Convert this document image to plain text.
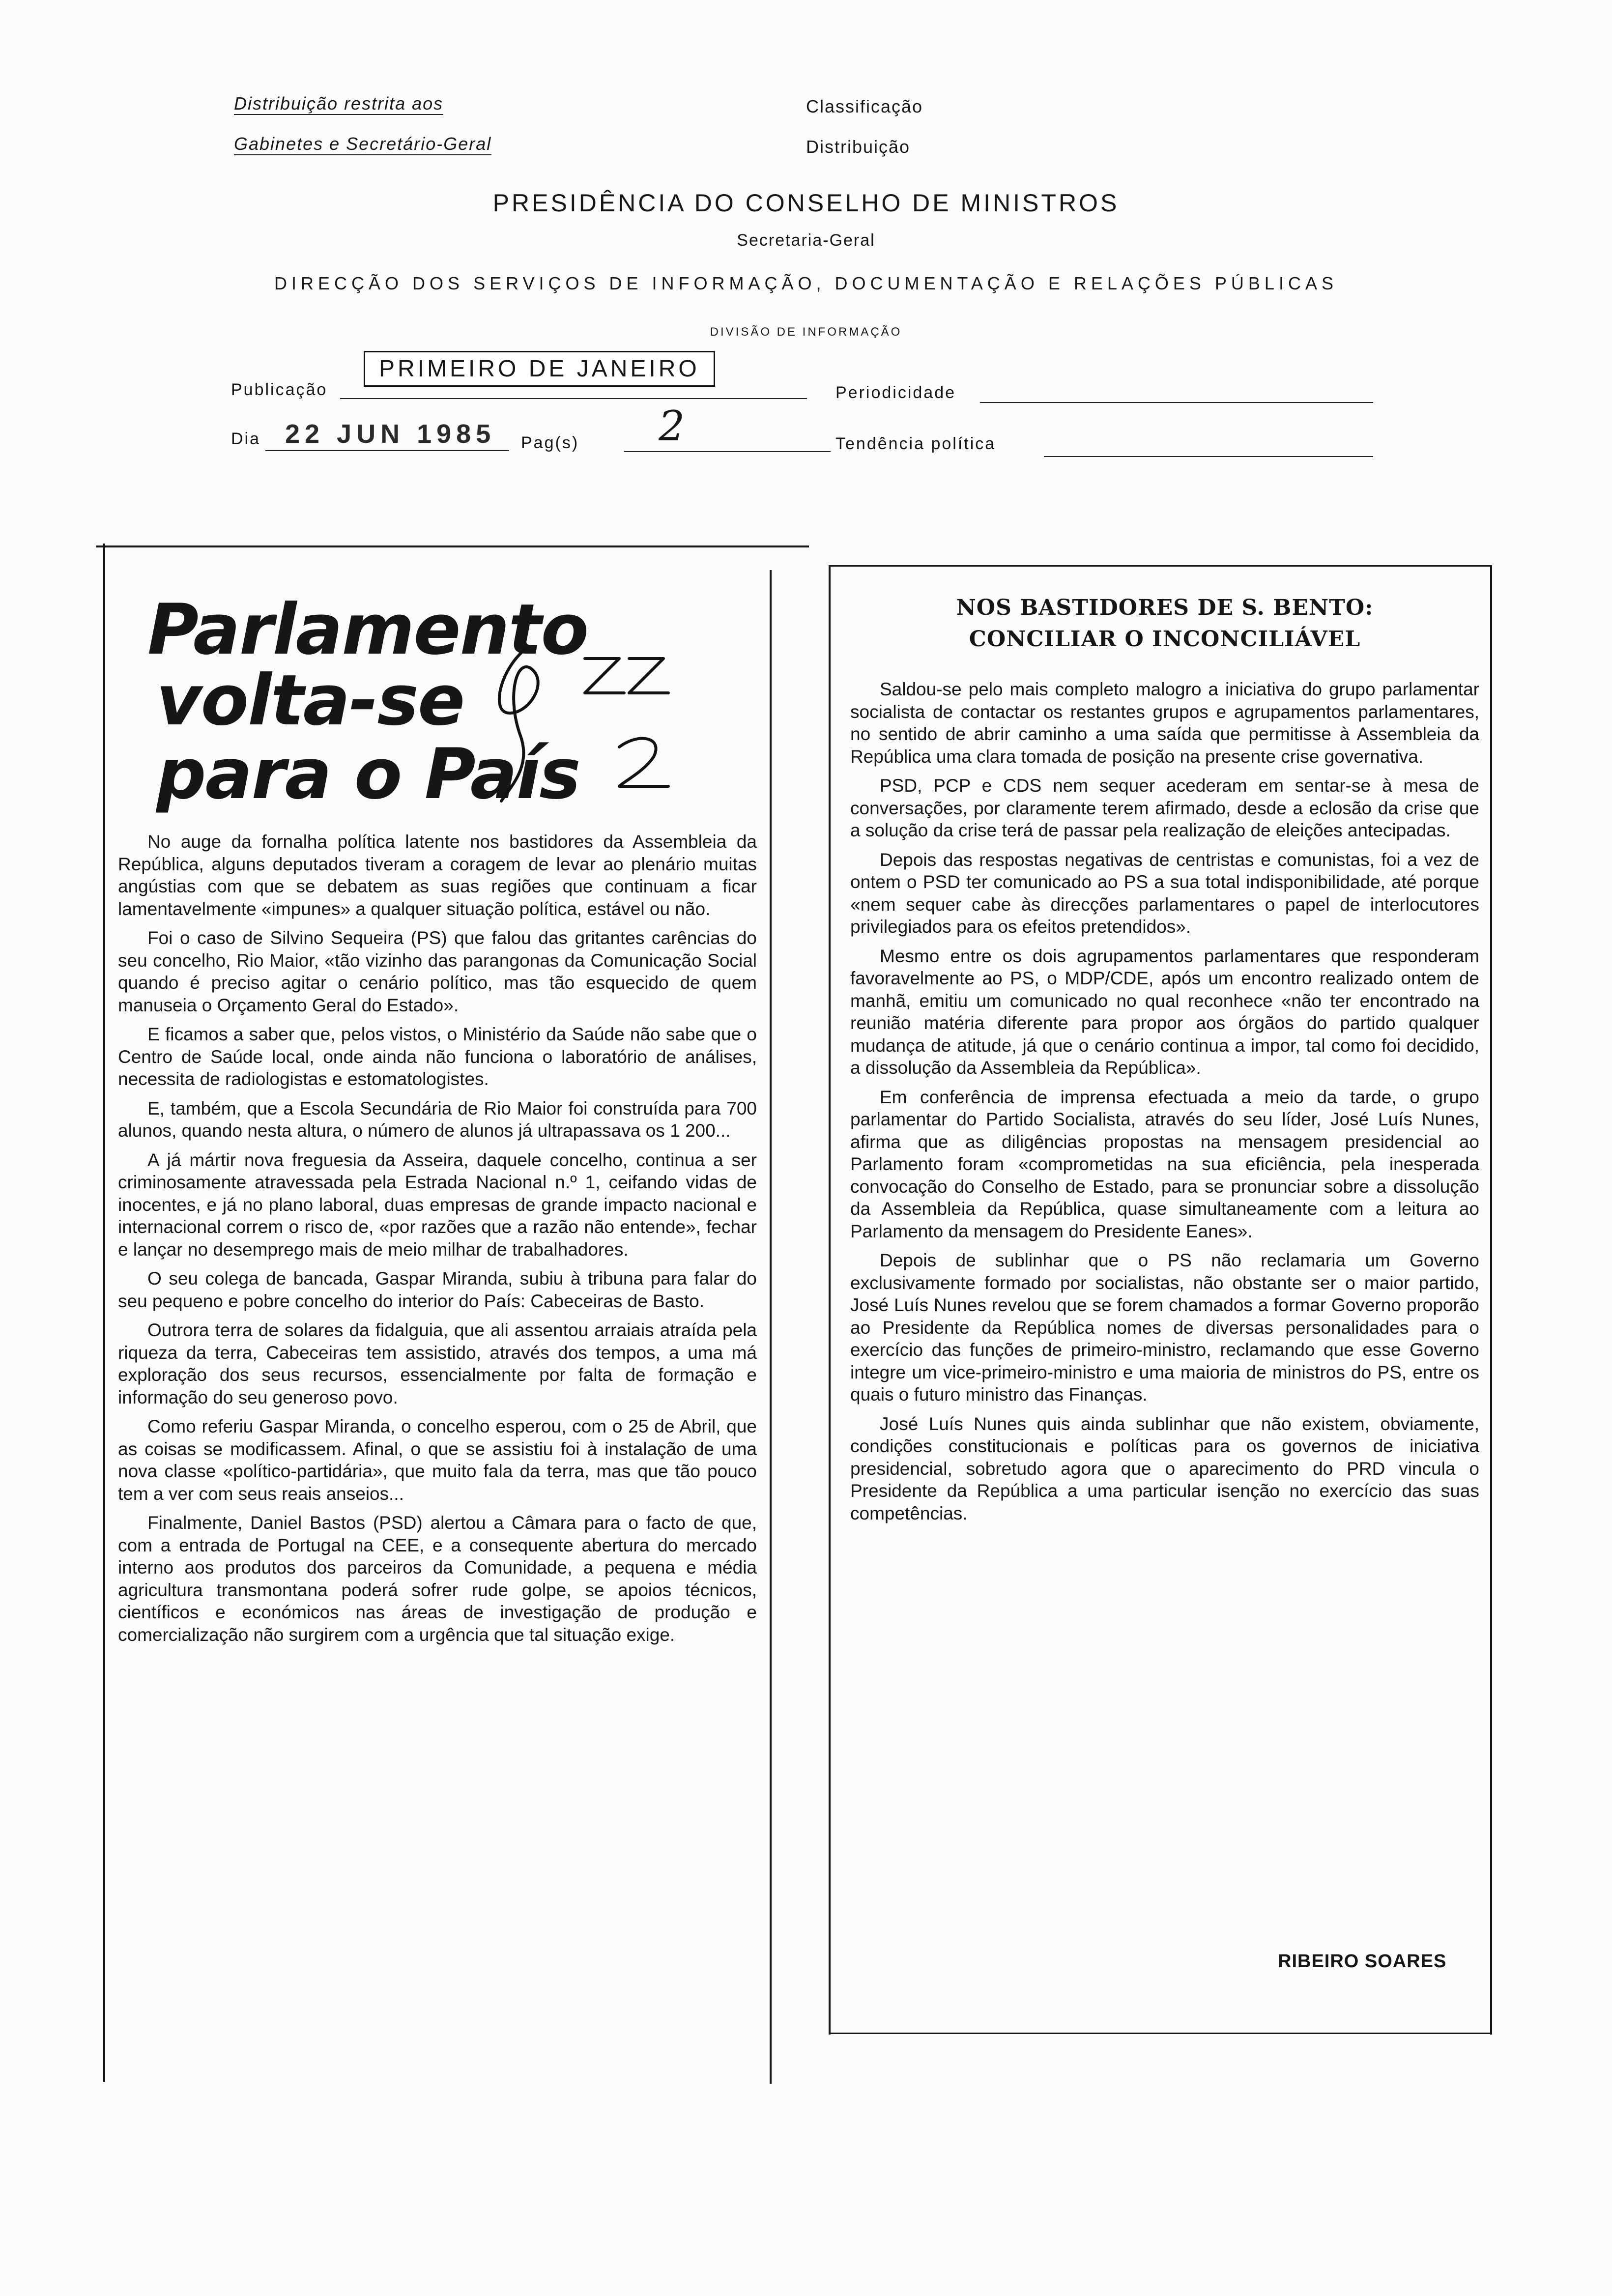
Distribuição restrita aos
Gabinetes e Secretário-Geral
Classificação
Distribuição
PRESIDÊNCIA DO CONSELHO DE MINISTROS
Secretaria-Geral
DIRECÇÃO DOS SERVIÇOS DE INFORMAÇÃO, DOCUMENTAÇÃO E RELAÇÕES PÚBLICAS
DIVISÃO DE INFORMAÇÃO
Publicação
PRIMEIRO DE JANEIRO
Periodicidade
Dia 22 JUN 1985 Pag(s) 2	Tendência política
Parlamento
volta-se
para o País

No auge da fornalha política latente nos bastidores da Assembleia da República, alguns deputados tiveram a coragem de levar ao plenário muitas angústias com que se debatem as suas regiões que continuam a ficar lamentavelmente «impunes» a qualquer situação política, estável ou não.

Foi o caso de Silvino Sequeira (PS) que falou das gritantes carências do seu concelho, Rio Maior, «tão vizinho das parangonas da Comunicação Social quando é preciso agitar o cenário político, mas tão esquecido de quem manuseia o Orçamento Geral do Estado».

E ficamos a saber que, pelos vistos, o Ministério da Saúde não sabe que o Centro de Saúde local, onde ainda não funciona o laboratório de análises, necessita de radiologistas e estomatologistes.

E, também, que a Escola Secundária de Rio Maior foi construída para 700 alunos, quando nesta altura, o número de alunos já ultrapassava os 1 200...

A já mártir nova freguesia da Asseira, daquele concelho, continua a ser criminosamente atravessada pela Estrada Nacional n.º 1, ceifando vidas de inocentes, e já no plano laboral, duas empresas de grande impacto nacional e internacional correm o risco de, «por razões que a razão não entende», fechar e lançar no desemprego mais de meio milhar de trabalhadores.

O seu colega de bancada, Gaspar Miranda, subiu à tribuna para falar do seu pequeno e pobre concelho do interior do País: Cabeceiras de Basto.

Outrora terra de solares da fidalguia, que ali assentou arraiais atraída pela riqueza da terra, Cabeceiras tem assistido, através dos tempos, a uma má exploração dos seus recursos, essencialmente por falta de formação e informação do seu generoso povo.

Como referiu Gaspar Miranda, o concelho esperou, com o 25 de Abril, que as coisas se modificassem. Afinal, o que se assistiu foi à instalação de uma nova classe «político-partidária», que muito fala da terra, mas que tão pouco tem a ver com seus reais anseios...

Finalmente, Daniel Bastos (PSD) alertou a Câmara para o facto de que, com a entrada de Portugal na CEE, e a consequente abertura do mercado interno aos produtos dos parceiros da Comunidade, a pequena e média agricultura transmontana poderá sofrer rude golpe, se apoios técnicos, científicos e económicos nas áreas de investigação de produção e comercialização não surgirem com a urgência que tal situação exige.

NOS BASTIDORES DE S. BENTO:
CONCILIAR O INCONCILIÁVEL

Saldou-se pelo mais completo malogro a iniciativa do grupo parlamentar socialista de contactar os restantes grupos e agrupamentos parlamentares, no sentido de abrir caminho a uma saída que permitisse à Assembleia da República uma clara tomada de posição na presente crise governativa.

PSD, PCP e CDS nem sequer acederam em sentar-se à mesa de conversações, por claramente terem afirmado, desde a eclosão da crise que a solução da crise terá de passar pela realização de eleições antecipadas.

Depois das respostas negativas de centristas e comunistas, foi a vez de ontem o PSD ter comunicado ao PS a sua total indisponibilidade, até porque «nem sequer cabe às direcções parlamentares o papel de interlocutores privilegiados para os efeitos pretendidos».

Mesmo entre os dois agrupamentos parlamentares que responderam favoravelmente ao PS, o MDP/CDE, após um encontro realizado ontem de manhã, emitiu um comunicado no qual reconhece «não ter encontrado na reunião matéria diferente para propor aos órgãos do partido qualquer mudança de atitude, já que o cenário continua a impor, tal como foi decidido, a dissolução da Assembleia da República».

Em conferência de imprensa efectuada a meio da tarde, o grupo parlamentar do Partido Socialista, através do seu líder, José Luís Nunes, afirma que as diligências propostas na mensagem presidencial ao Parlamento foram «comprometidas na sua eficiência, pela inesperada convocação do Conselho de Estado, para se pronunciar sobre a dissolução da Assembleia da República, quase simultaneamente com a leitura ao Parlamento da mensagem do Presidente Eanes».

Depois de sublinhar que o PS não reclamaria um Governo exclusivamente formado por socialistas, não obstante ser o maior partido, José Luís Nunes revelou que se forem chamados a formar Governo proporão ao Presidente da República nomes de diversas personalidades para o exercício das funções de primeiro-ministro, reclamando que esse Governo integre um vice-primeiro-ministro e uma maioria de ministros do PS, entre os quais o futuro ministro das Finanças.

José Luís Nunes quis ainda sublinhar que não existem, obviamente, condições constitucionais e políticas para os governos de iniciativa presidencial, sobretudo agora que o aparecimento do PRD vincula o Presidente da República a uma particular isenção no exercício das suas competências.

RIBEIRO SOARES
